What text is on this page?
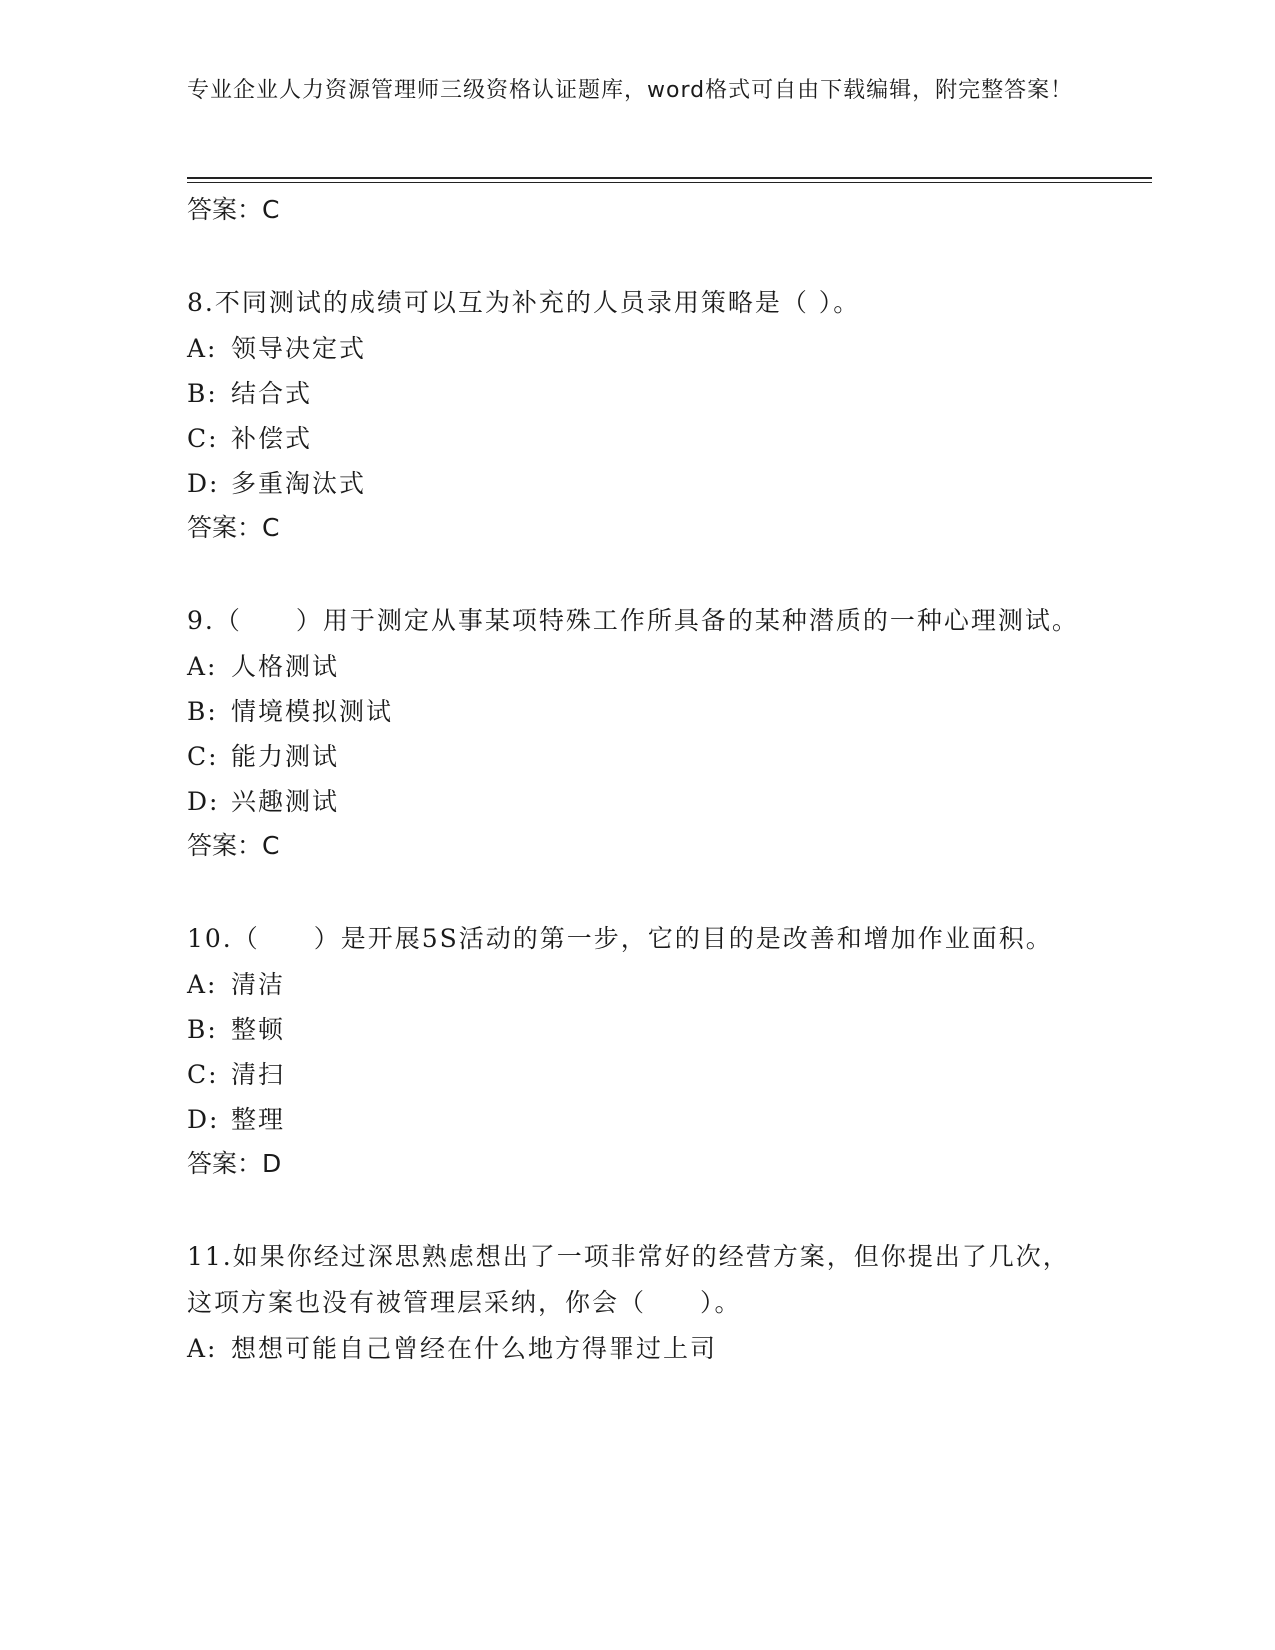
专业企业人力资源管理师三级资格认证题库，word格式可自由下载编辑，附完整答案！

答案：C

8.不同测试的成绩可以互为补充的人员录用策略是（ ）。

A: 领导决定式

B: 结合式

C: 补偿式

D: 多重淘汰式

答案：C

9.（　　）用于测定从事某项特殊工作所具备的某种潜质的一种心理测试。

A: 人格测试

B: 情境模拟测试

C: 能力测试

D: 兴趣测试

答案：C

10.（　　）是开展5S活动的第一步，它的目的是改善和增加作业面积。

A: 清洁

B: 整顿

C: 清扫

D: 整理

答案：D

11.如果你经过深思熟虑想出了一项非常好的经营方案，但你提出了几次，这项方案也没有被管理层采纳，你会（　　）。

A: 想想可能自己曾经在什么地方得罪过上司
